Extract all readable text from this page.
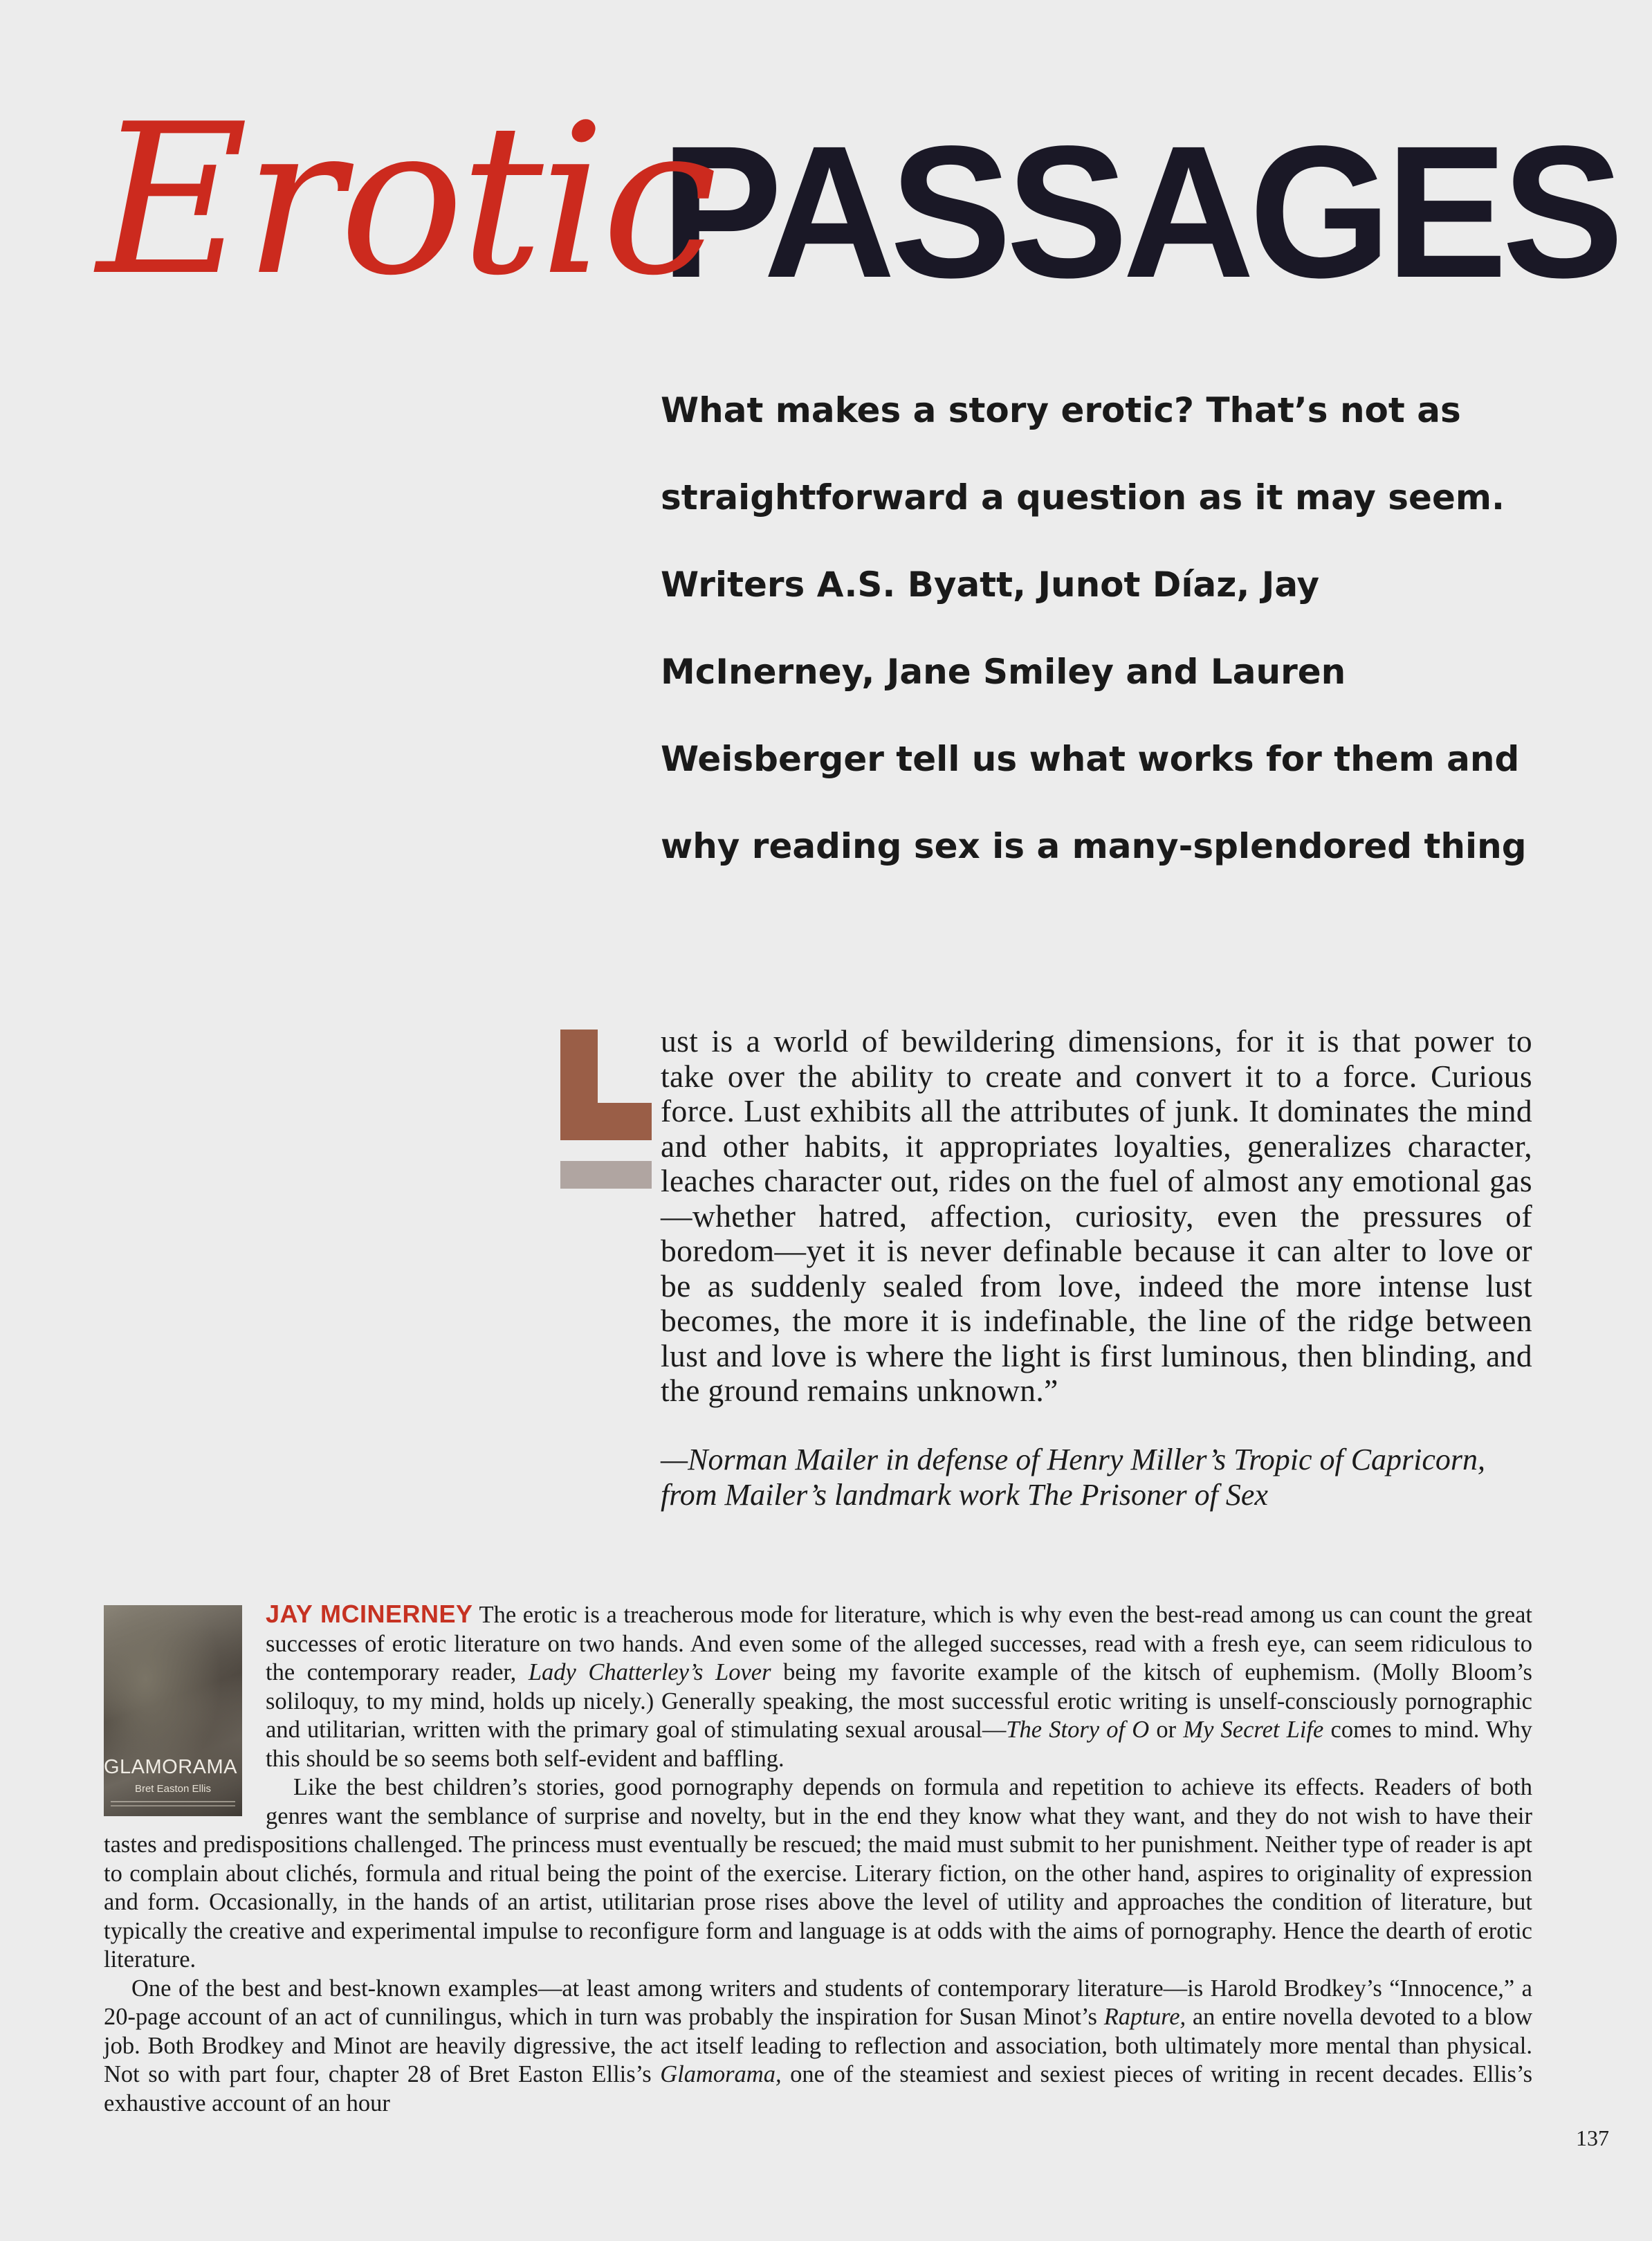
Erotic
PASSAGES
What makes a story erotic? That’s not as straightforward a question as it may seem. Writers A.S. Byatt, Junot Díaz, Jay McInerney, Jane Smiley and Lauren Weisberger tell us what works for them and why reading sex is a many-splendored thing
ust is a world of bewildering dimensions, for it is that power to take over the ability to create and convert it to a force. Curious force. Lust exhibits all the attributes of junk. It dominates the mind and other habits, it appropriates loyalties, generalizes character, leaches character out, rides on the fuel of almost any emotional gas—whether hatred, affection, curiosity, even the pressures of boredom—yet it is never definable because it can alter to love or be as suddenly sealed from love, indeed the more intense lust becomes, the more it is indefinable, the line of the ridge between lust and love is where the light is first luminous, then blinding, and the ground remains unknown.”
—Norman Mailer in defense of Henry Miller’s Tropic of Capricorn,
from Mailer’s landmark work The Prisoner of Sex

JAY MCINERNEY The erotic is a treacherous mode for literature, which is why even the best-read among us can count the great successes of erotic literature on two hands. And even some of the alleged successes, read with a fresh eye, can seem ridiculous to the contemporary reader, Lady Chatterley’s Lover being my favorite example of the kitsch of euphemism. (Molly Bloom’s soliloquy, to my mind, holds up nicely.) Generally speaking, the most successful erotic writing is unself-consciously pornographic and utilitarian, written with the primary goal of stimulating sexual arousal—The Story of O or My Secret Life comes to mind. Why this should be so seems both self-evident and baffling.

Like the best children’s stories, good pornography depends on formula and repetition to achieve its effects. Readers of both genres want the semblance of surprise and novelty, but in the end they know what they want, and they do not wish to have their tastes and predispositions challenged. The princess must eventually be rescued; the maid must submit to her punishment. Neither type of reader is apt to complain about clichés, formula and ritual being the point of the exercise. Literary fiction, on the other hand, aspires to originality of expression and form. Occasionally, in the hands of an artist, utilitarian prose rises above the level of utility and approaches the condition of literature, but typically the creative and experimental impulse to reconfigure form and language is at odds with the aims of pornography. Hence the dearth of erotic literature.

One of the best and best-known examples—at least among writers and students of contemporary literature—is Harold Brodkey’s “Innocence,” a 20-page account of an act of cunnilingus, which in turn was probably the inspiration for Susan Minot’s Rapture, an entire novella devoted to a blow job. Both Brodkey and Minot are heavily digressive, the act itself leading to reflection and association, both ultimately more mental than physical. Not so with part four, chapter 28 of Bret Easton Ellis’s Glamorama, one of the steamiest and sexiest pieces of writing in recent decades. Ellis’s exhaustive account of an hour

GLAMORAMA
Bret Easton Ellis
137
